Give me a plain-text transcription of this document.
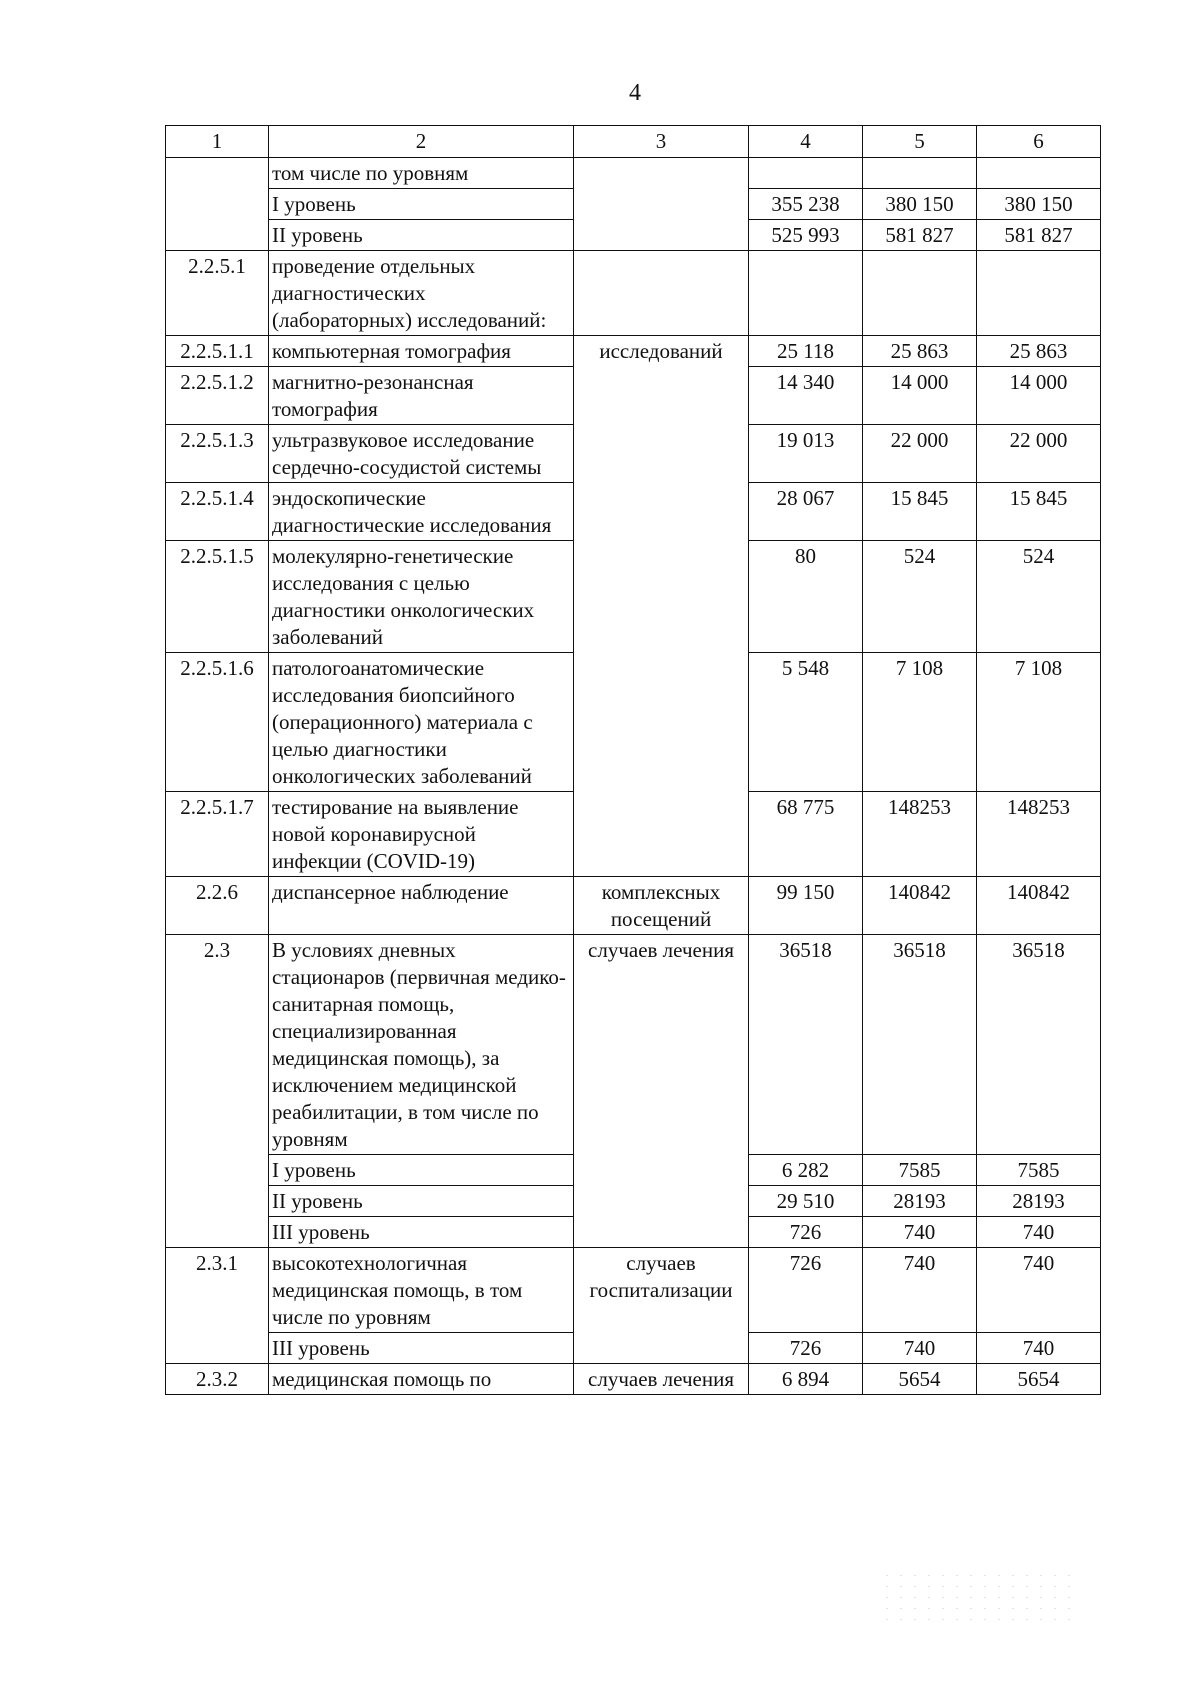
4
1	2	3	4	5	6
	том числе по уровням				
	I уровень		355 238	380 150	380 150
	II уровень		525 993	581 827	581 827
2.2.5.1	проведение отдельных диагностических (лабораторных) исследований:				
2.2.5.1.1	компьютерная томография	исследований	25 118	25 863	25 863
2.2.5.1.2	магнитно-резонансная томография		14 340	14 000	14 000
2.2.5.1.3	ультразвуковое исследование сердечно-сосудистой системы		19 013	22 000	22 000
2.2.5.1.4	эндоскопические диагностические исследования		28 067	15 845	15 845
2.2.5.1.5	молекулярно-генетические исследования с целью диагностики онкологических заболеваний		80	524	524
2.2.5.1.6	патологоанатомические исследования биопсийного (операционного) материала с целью диагностики онкологических заболеваний		5 548	7 108	7 108
2.2.5.1.7	тестирование на выявление новой коронавирусной инфекции (COVID-19)		68 775	148253	148253
2.2.6	диспансерное наблюдение	комплексных посещений	99 150	140842	140842
2.3	В условиях дневных стационаров (первичная медико-санитарная помощь, специализированная медицинская помощь), за исключением медицинской реабилитации, в том числе по уровням	случаев лечения	36518	36518	36518
	I уровень		6 282	7585	7585
	II уровень		29 510	28193	28193
	III уровень		726	740	740
2.3.1	высокотехнологичная медицинская помощь, в том числе по уровням	случаев госпитализации	726	740	740
	III уровень		726	740	740
2.3.2	медицинская помощь по	случаев лечения	6 894	5654	5654
